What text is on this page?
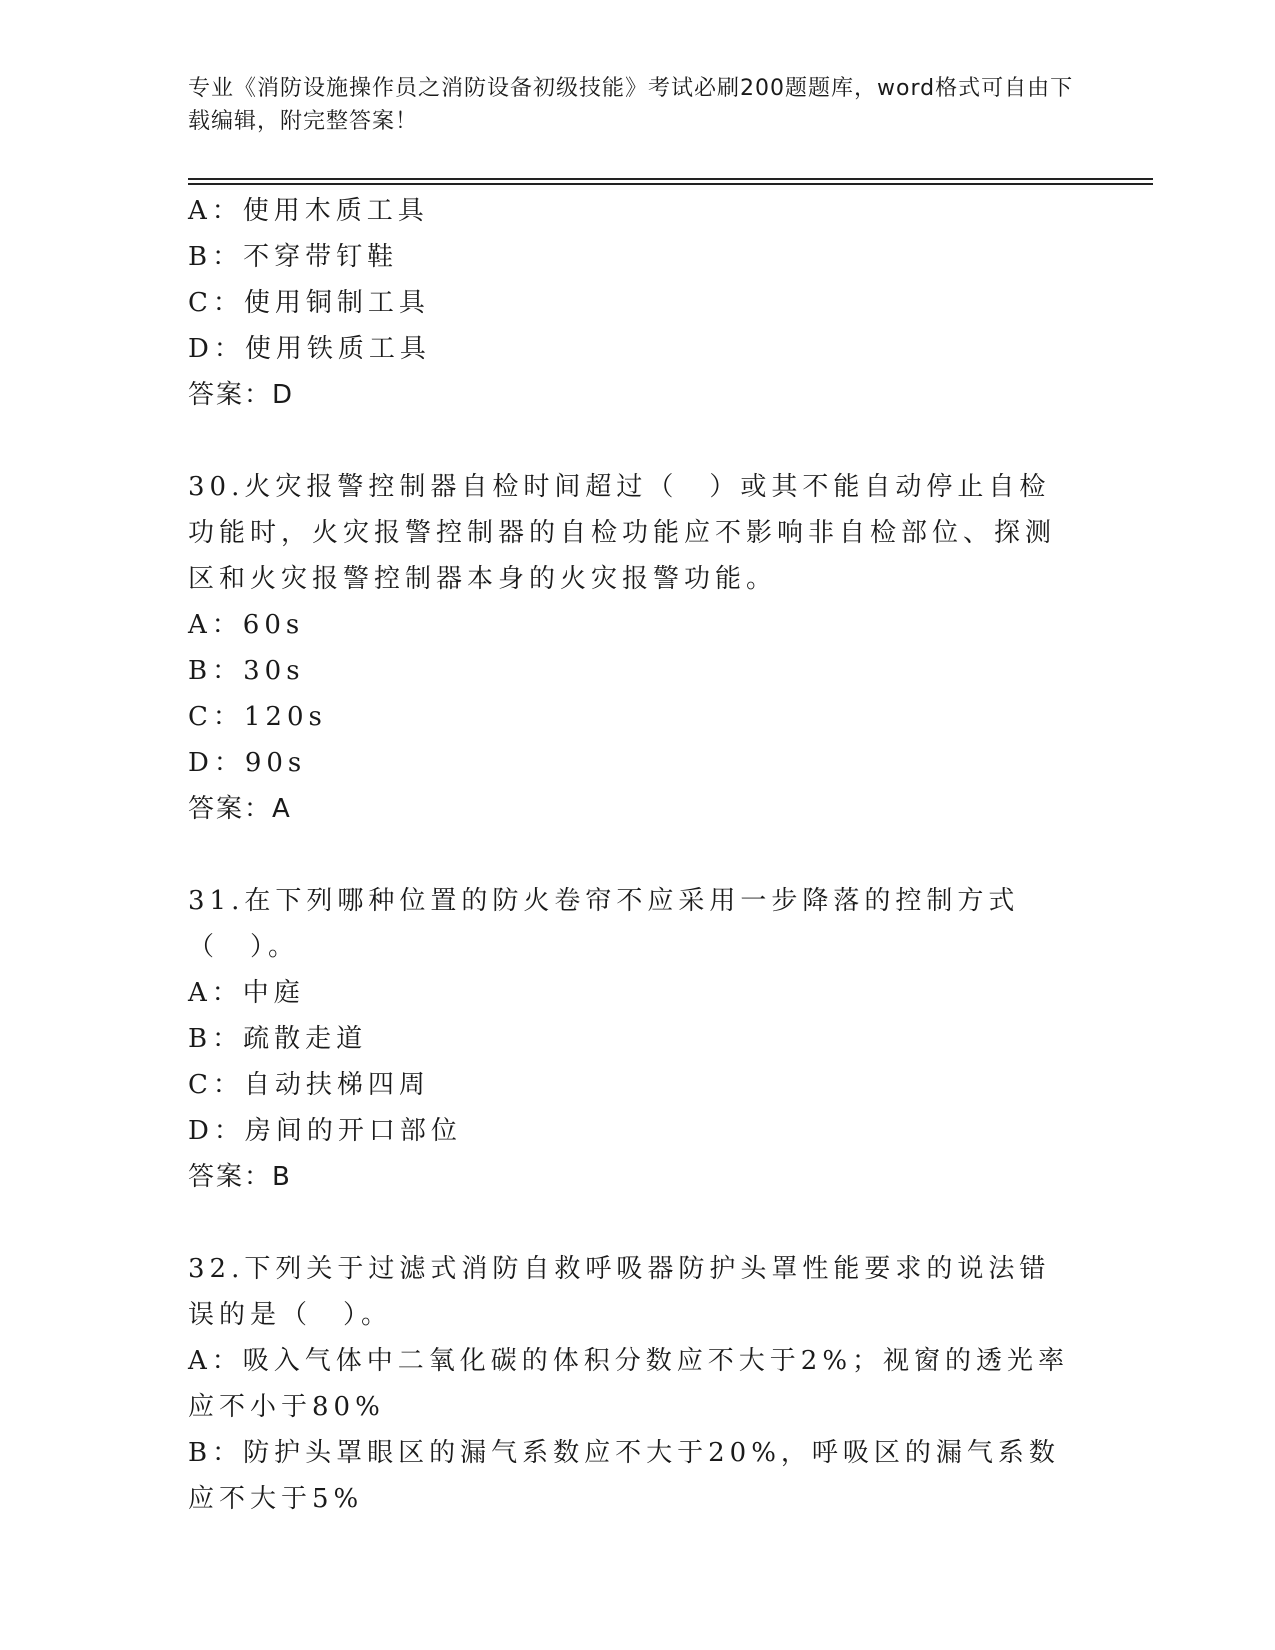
专业《消防设施操作员之消防设备初级技能》考试必刷200题题库，word格式可自由下载编辑，附完整答案！
A：使用木质工具
B：不穿带钉鞋
C：使用铜制工具
D：使用铁质工具
答案：D
30.火灾报警控制器自检时间超过（　）或其不能自动停止自检功能时，火灾报警控制器的自检功能应不影响非自检部位、探测区和火灾报警控制器本身的火灾报警功能。
A：60s
B：30s
C：120s
D：90s
答案：A
31.在下列哪种位置的防火卷帘不应采用一步降落的控制方式（　）。
A：中庭
B：疏散走道
C：自动扶梯四周
D：房间的开口部位
答案：B
32.下列关于过滤式消防自救呼吸器防护头罩性能要求的说法错误的是（　）。
A：吸入气体中二氧化碳的体积分数应不大于2%；视窗的透光率应不小于80%
B：防护头罩眼区的漏气系数应不大于20%，呼吸区的漏气系数应不大于5%
